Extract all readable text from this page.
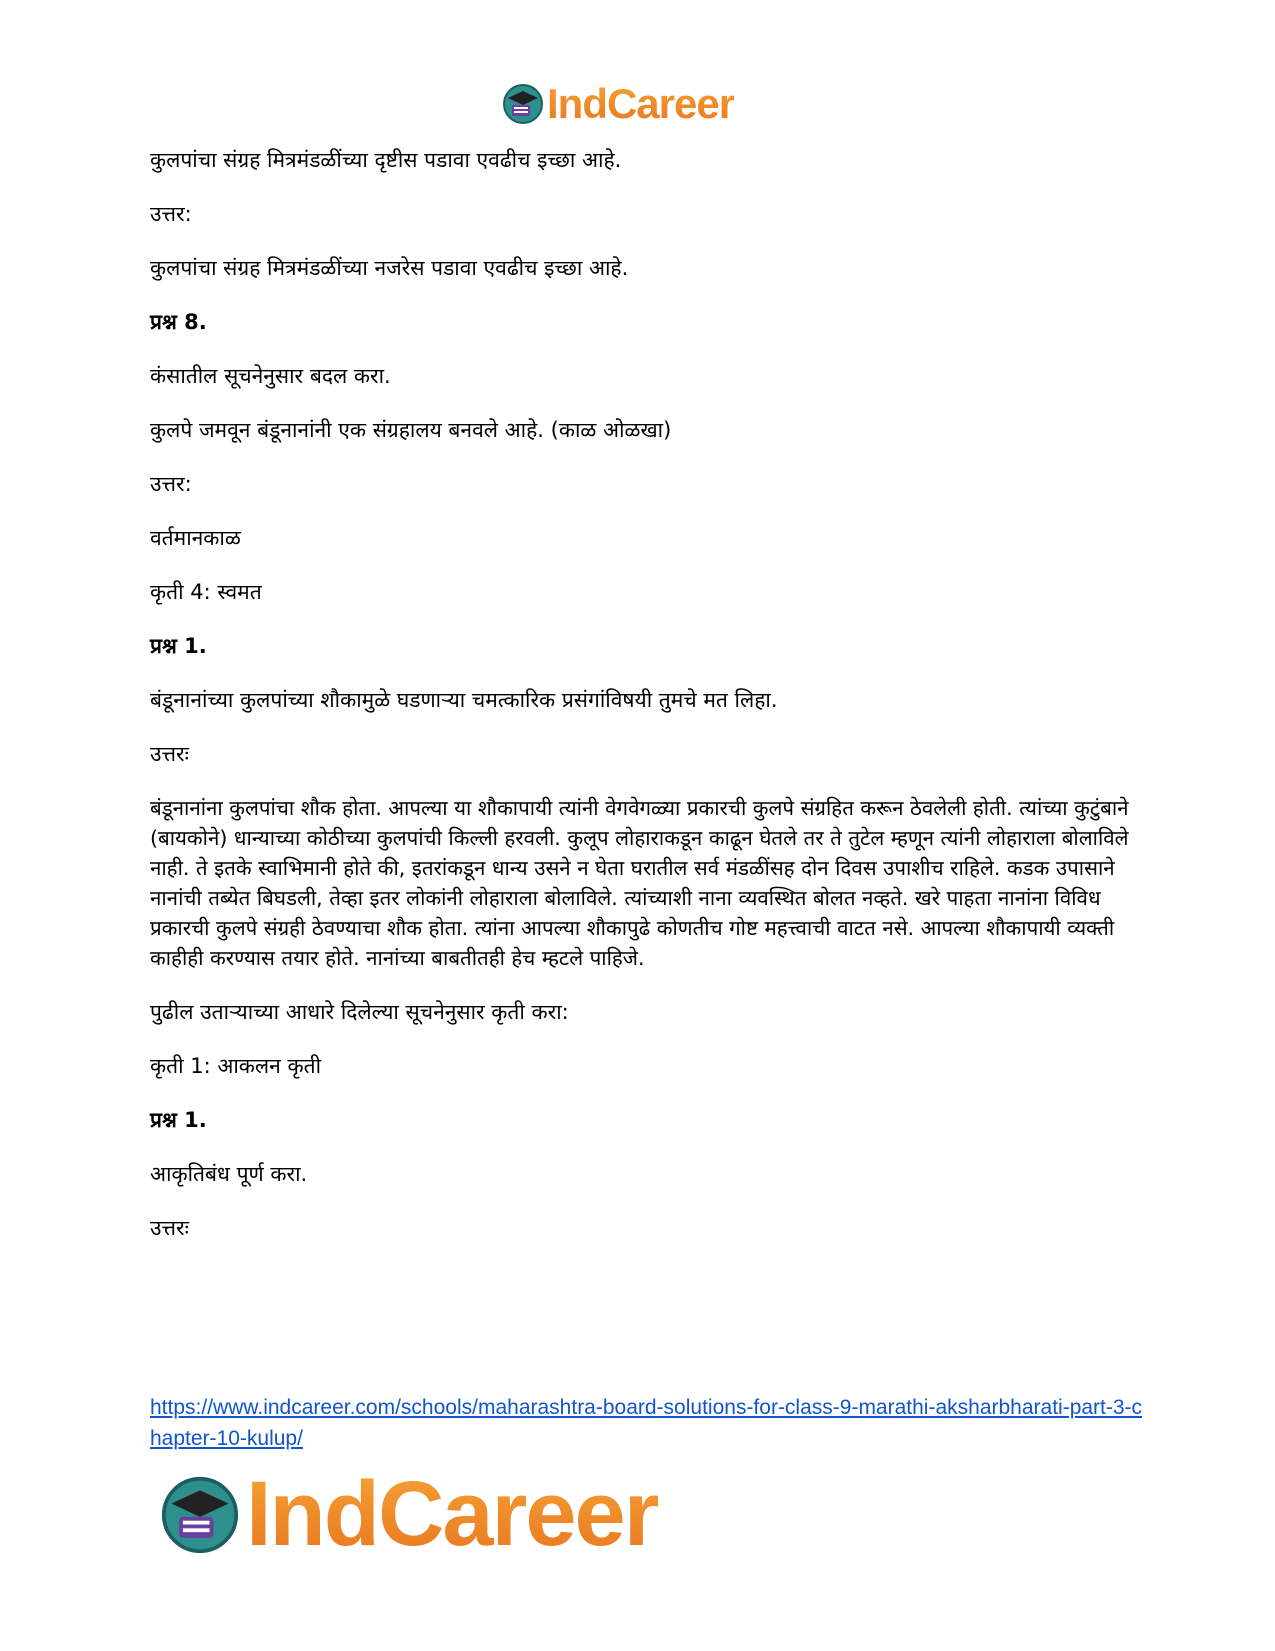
IndCareer

कुलपांचा संग्रह मित्रमंडळींच्या दृष्टीस पडावा एवढीच इच्छा आहे.

उत्तर:

कुलपांचा संग्रह मित्रमंडळींच्या नजरेस पडावा एवढीच इच्छा आहे.

प्रश्न 8.

कंसातील सूचनेनुसार बदल करा.

कुलपे जमवून बंडूनानांनी एक संग्रहालय बनवले आहे. (काळ ओळखा)

उत्तर:

वर्तमानकाळ

कृती 4: स्वमत

प्रश्न 1.

बंडूनानांच्या कुलपांच्या शौकामुळे घडणाऱ्या चमत्कारिक प्रसंगांविषयी तुमचे मत लिहा.

उत्तरः

बंडूनानांना कुलपांचा शौक होता. आपल्या या शौकापायी त्यांनी वेगवेगळ्या प्रकारची कुलपे संग्रहित करून ठेवलेली होती. त्यांच्या कुटुंबाने (बायकोने) धान्याच्या कोठीच्या कुलपांची किल्ली हरवली. कुलूप लोहाराकडून काढून घेतले तर ते तुटेल म्हणून त्यांनी लोहाराला बोलाविले नाही. ते इतके स्वाभिमानी होते की, इतरांकडून धान्य उसने न घेता घरातील सर्व मंडळींसह दोन दिवस उपाशीच राहिले. कडक उपासाने नानांची तब्येत बिघडली, तेव्हा इतर लोकांनी लोहाराला बोलाविले. त्यांच्याशी नाना व्यवस्थित बोलत नव्हते. खरे पाहता नानांना विविध प्रकारची कुलपे संग्रही ठेवण्याचा शौक होता. त्यांना आपल्या शौकापुढे कोणतीच गोष्ट महत्त्वाची वाटत नसे. आपल्या शौकापायी व्यक्ती काहीही करण्यास तयार होते. नानांच्या बाबतीतही हेच म्हटले पाहिजे.

पुढील उताऱ्याच्या आधारे दिलेल्या सूचनेनुसार कृती करा:

कृती 1: आकलन कृती

प्रश्न 1.

आकृतिबंध पूर्ण करा.

उत्तरः

https://www.indcareer.com/schools/maharashtra-board-solutions-for-class-9-marathi-aksharbharati-part-3-chapter-10-kulup/
IndCareer
